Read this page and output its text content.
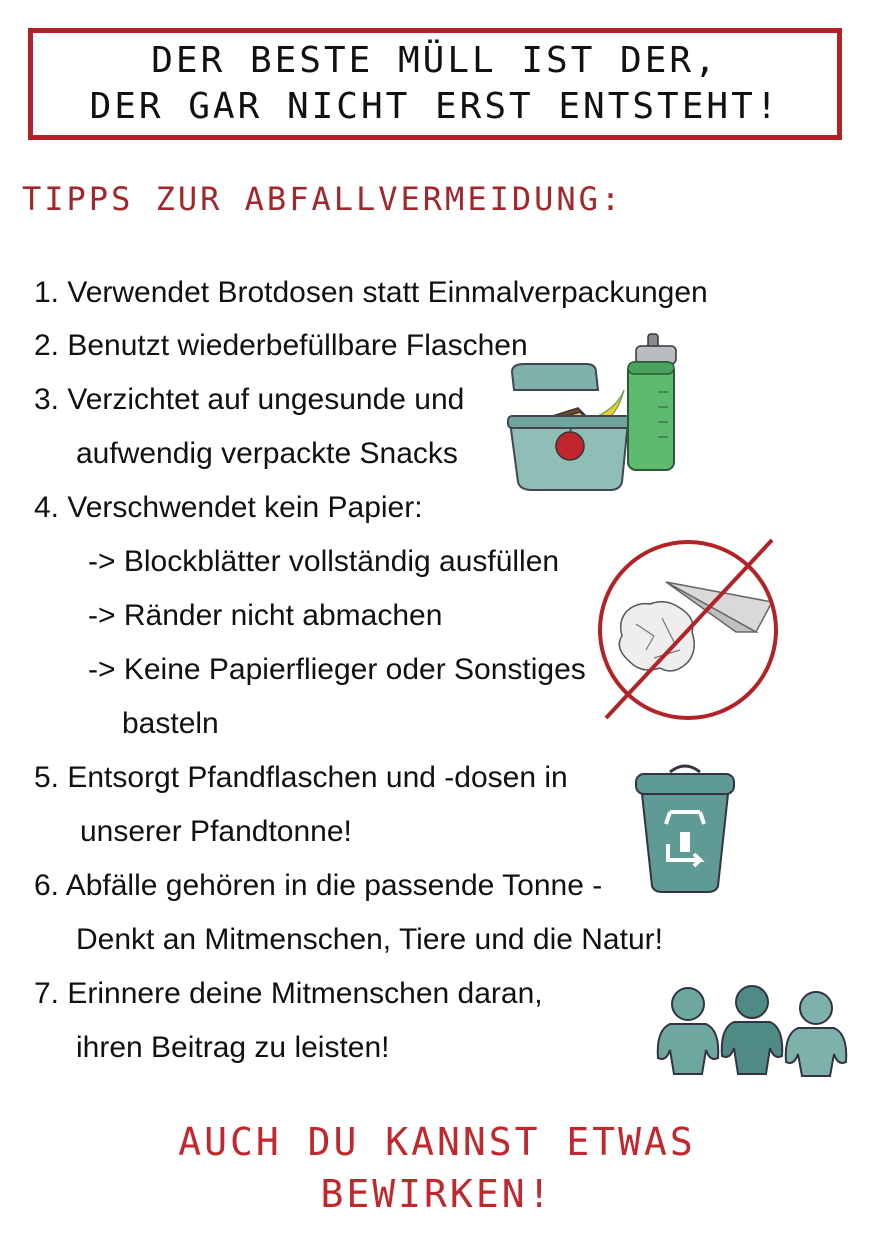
DER BESTE MÜLL IST DER,
DER GAR NICHT ERST ENTSTEHT!
TIPPS ZUR ABFALLVERMEIDUNG:
1. Verwendet Brotdosen statt Einmalverpackungen
2. Benutzt wiederbefüllbare Flaschen
3. Verzichtet auf ungesunde und
aufwendig verpackte Snacks
4. Verschwendet kein Papier:
-> Blockblätter vollständig ausfüllen
-> Ränder nicht abmachen
-> Keine Papierflieger oder Sonstiges
basteln
5. Entsorgt Pfandflaschen und -dosen in
unserer Pfandtonne!
6. Abfälle gehören in die passende Tonne -
Denkt an Mitmenschen, Tiere und die Natur!
7. Erinnere deine Mitmenschen daran,
ihren Beitrag zu leisten!
AUCH DU KANNST ETWAS
BEWIRKEN!
